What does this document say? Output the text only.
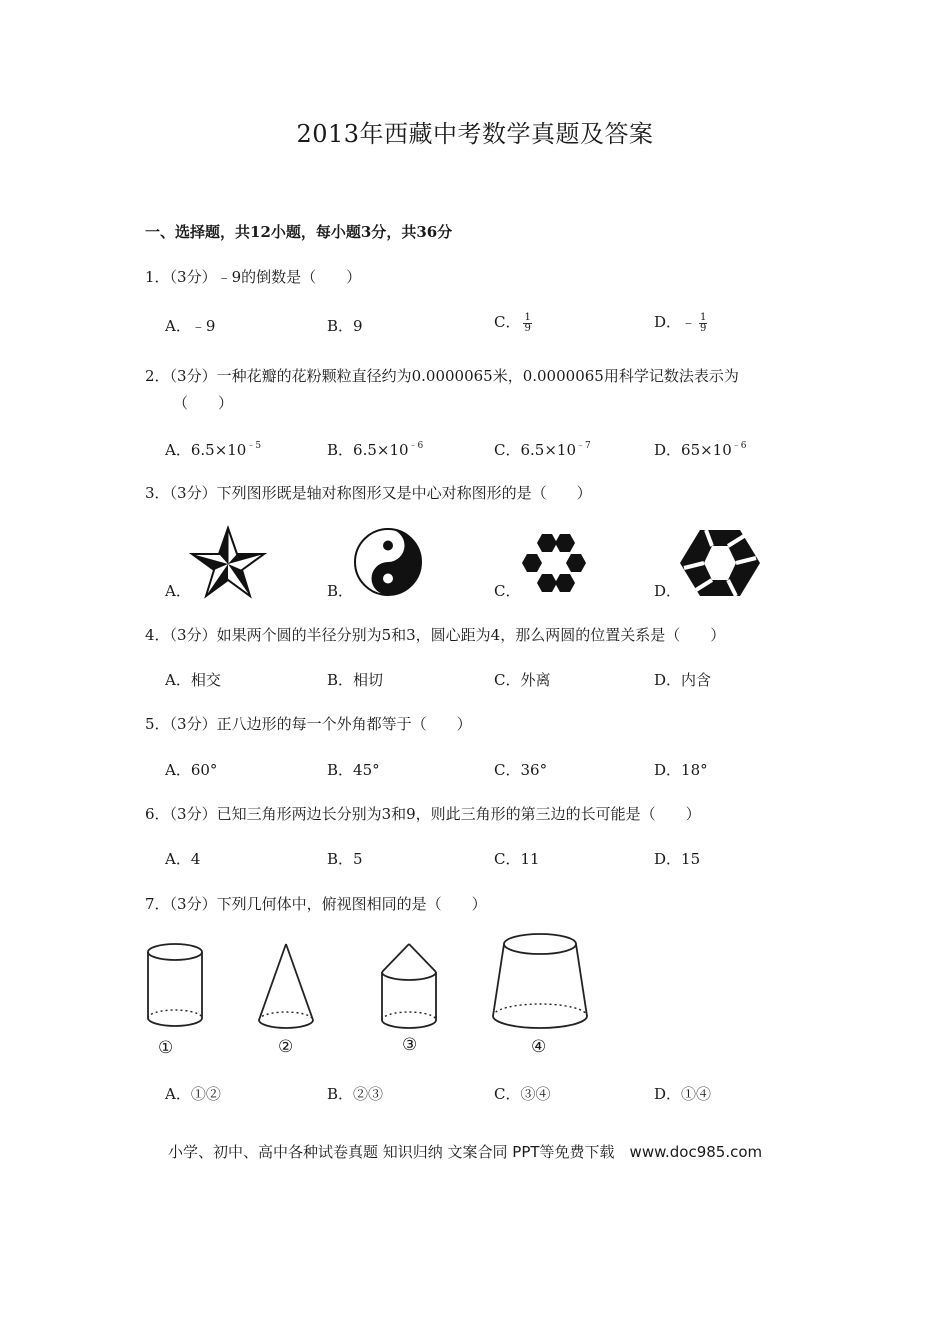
2013年西藏中考数学真题及答案
一、选择题，共12小题，每小题3分，共36分
1．（3分）﹣9的倒数是（　　）
A．﹣9	B．9	C． $\frac{1}{9}$	D．﹣ $\frac{1}{9}$
2．（3分）一种花瓣的花粉颗粒直径约为0.0000065米，0.0000065用科学记数法表示为
（　　）
A．$6.5\times 10^{﹣5}$	B．$6.5\times 10^{﹣6}$	C．$6.5\times 10^{﹣7}$	D．$65\times 10^{﹣6}$
3．（3分）下列图形既是轴对称图形又是中心对称图形的是（　　）
A．	B．	C．	D．
4．（3分）如果两个圆的半径分别为5和3，圆心距为4，那么两圆的位置关系是（　　）
A．相交	B．相切	C．外离	D．内含
5．（3分）正八边形的每一个外角都等于（　　）
A．60°	B．45°	C．36°	D．18°
6．（3分）已知三角形两边长分别为3和9，则此三角形的第三边的长可能是（　　）
A．4	B．5	C．11	D．15
7．（3分）下列几何体中，俯视图相同的是（　　）
①	②	③	④
A．①②	B．②③	C．③④	D．①④
小学、初中、高中各种试卷真题 知识归纳 文案合同 PPT等免费下载　www.doc985.com
